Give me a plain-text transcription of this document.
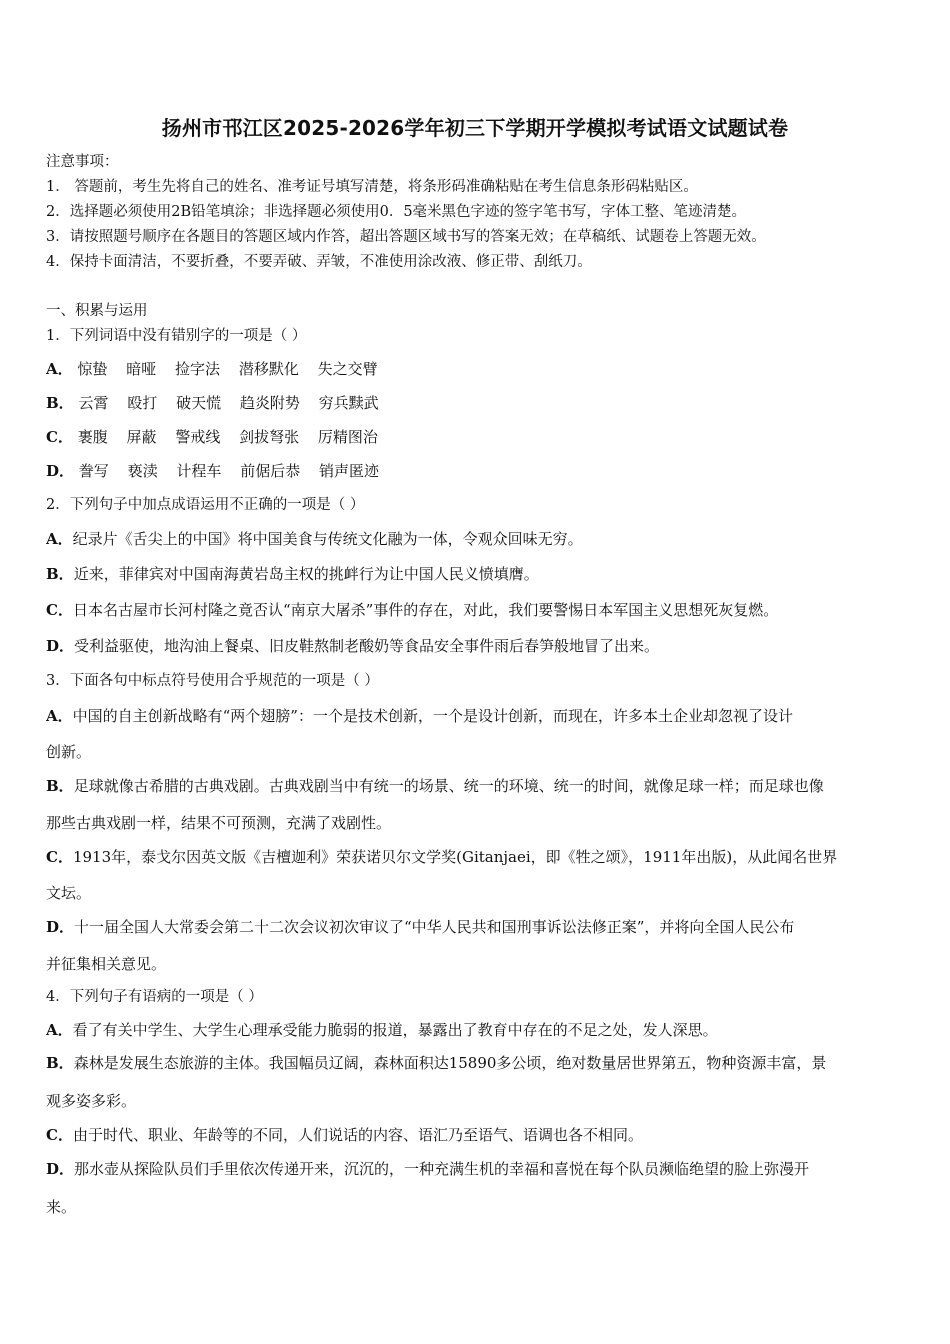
扬州市邗江区2025-2026学年初三下学期开学模拟考试语文试题试卷
注意事项：
1． 答题前，考生先将自己的姓名、准考证号填写清楚，将条形码准确粘贴在考生信息条形码粘贴区。
2．选择题必须使用2B铅笔填涂；非选择题必须使用0．5毫米黑色字迹的签字笔书写，字体工整、笔迹清楚。
3．请按照题号顺序在各题目的答题区域内作答，超出答题区域书写的答案无效；在草稿纸、试题卷上答题无效。
4．保持卡面清洁，不要折叠，不要弄破、弄皱，不准使用涂改液、修正带、刮纸刀。
一、积累与运用
1．下列词语中没有错别字的一项是（ ）
A． 惊蛰 暗哑 捡字法 潜移默化 失之交臂
B． 云霄 殴打 破天慌 趋炎附势 穷兵黩武
C． 裹腹 屏蔽 警戒线 剑拔弩张 厉精图治
D． 誊写 亵渎 计程车 前倨后恭 销声匿迹
2．下列句子中加点成语运用不正确的一项是（ ）
A．纪录片《舌尖上的中国》将中国美食与传统文化融为一体，令观众回味无穷。
B．近来，菲律宾对中国南海黄岩岛主权的挑衅行为让中国人民义愤填膺。
C．日本名古屋市长河村隆之竟否认“南京大屠杀”事件的存在，对此，我们要警惕日本军国主义思想死灰复燃。
D．受利益驱使，地沟油上餐桌、旧皮鞋熬制老酸奶等食品安全事件雨后春笋般地冒了出来。
3．下面各句中标点符号使用合乎规范的一项是（ ）
A．中国的自主创新战略有“两个翅膀”：一个是技术创新，一个是设计创新，而现在，许多本土企业却忽视了设计
创新。
B．足球就像古希腊的古典戏剧。古典戏剧当中有统一的场景、统一的环境、统一的时间，就像足球一样；而足球也像
那些古典戏剧一样，结果不可预测，充满了戏剧性。
C．1913年，泰戈尔因英文版《吉檀迦利》荣获诺贝尔文学奖(Gitanjaei，即《牲之颂》，1911年出版)，从此闻名世界
文坛。
D．十一届全国人大常委会第二十二次会议初次审议了“中华人民共和国刑事诉讼法修正案”，并将向全国人民公布
并征集相关意见。
4．下列句子有语病的一项是（ ）
A．看了有关中学生、大学生心理承受能力脆弱的报道，暴露出了教育中存在的不足之处，发人深思。
B．森林是发展生态旅游的主体。我国幅员辽阔，森林面积达15890多公顷，绝对数量居世界第五，物种资源丰富，景
观多姿多彩。
C．由于时代、职业、年龄等的不同，人们说话的内容、语汇乃至语气、语调也各不相同。
D．那水壶从探险队员们手里依次传递开来，沉沉的，一种充满生机的幸福和喜悦在每个队员濒临绝望的脸上弥漫开
来。
